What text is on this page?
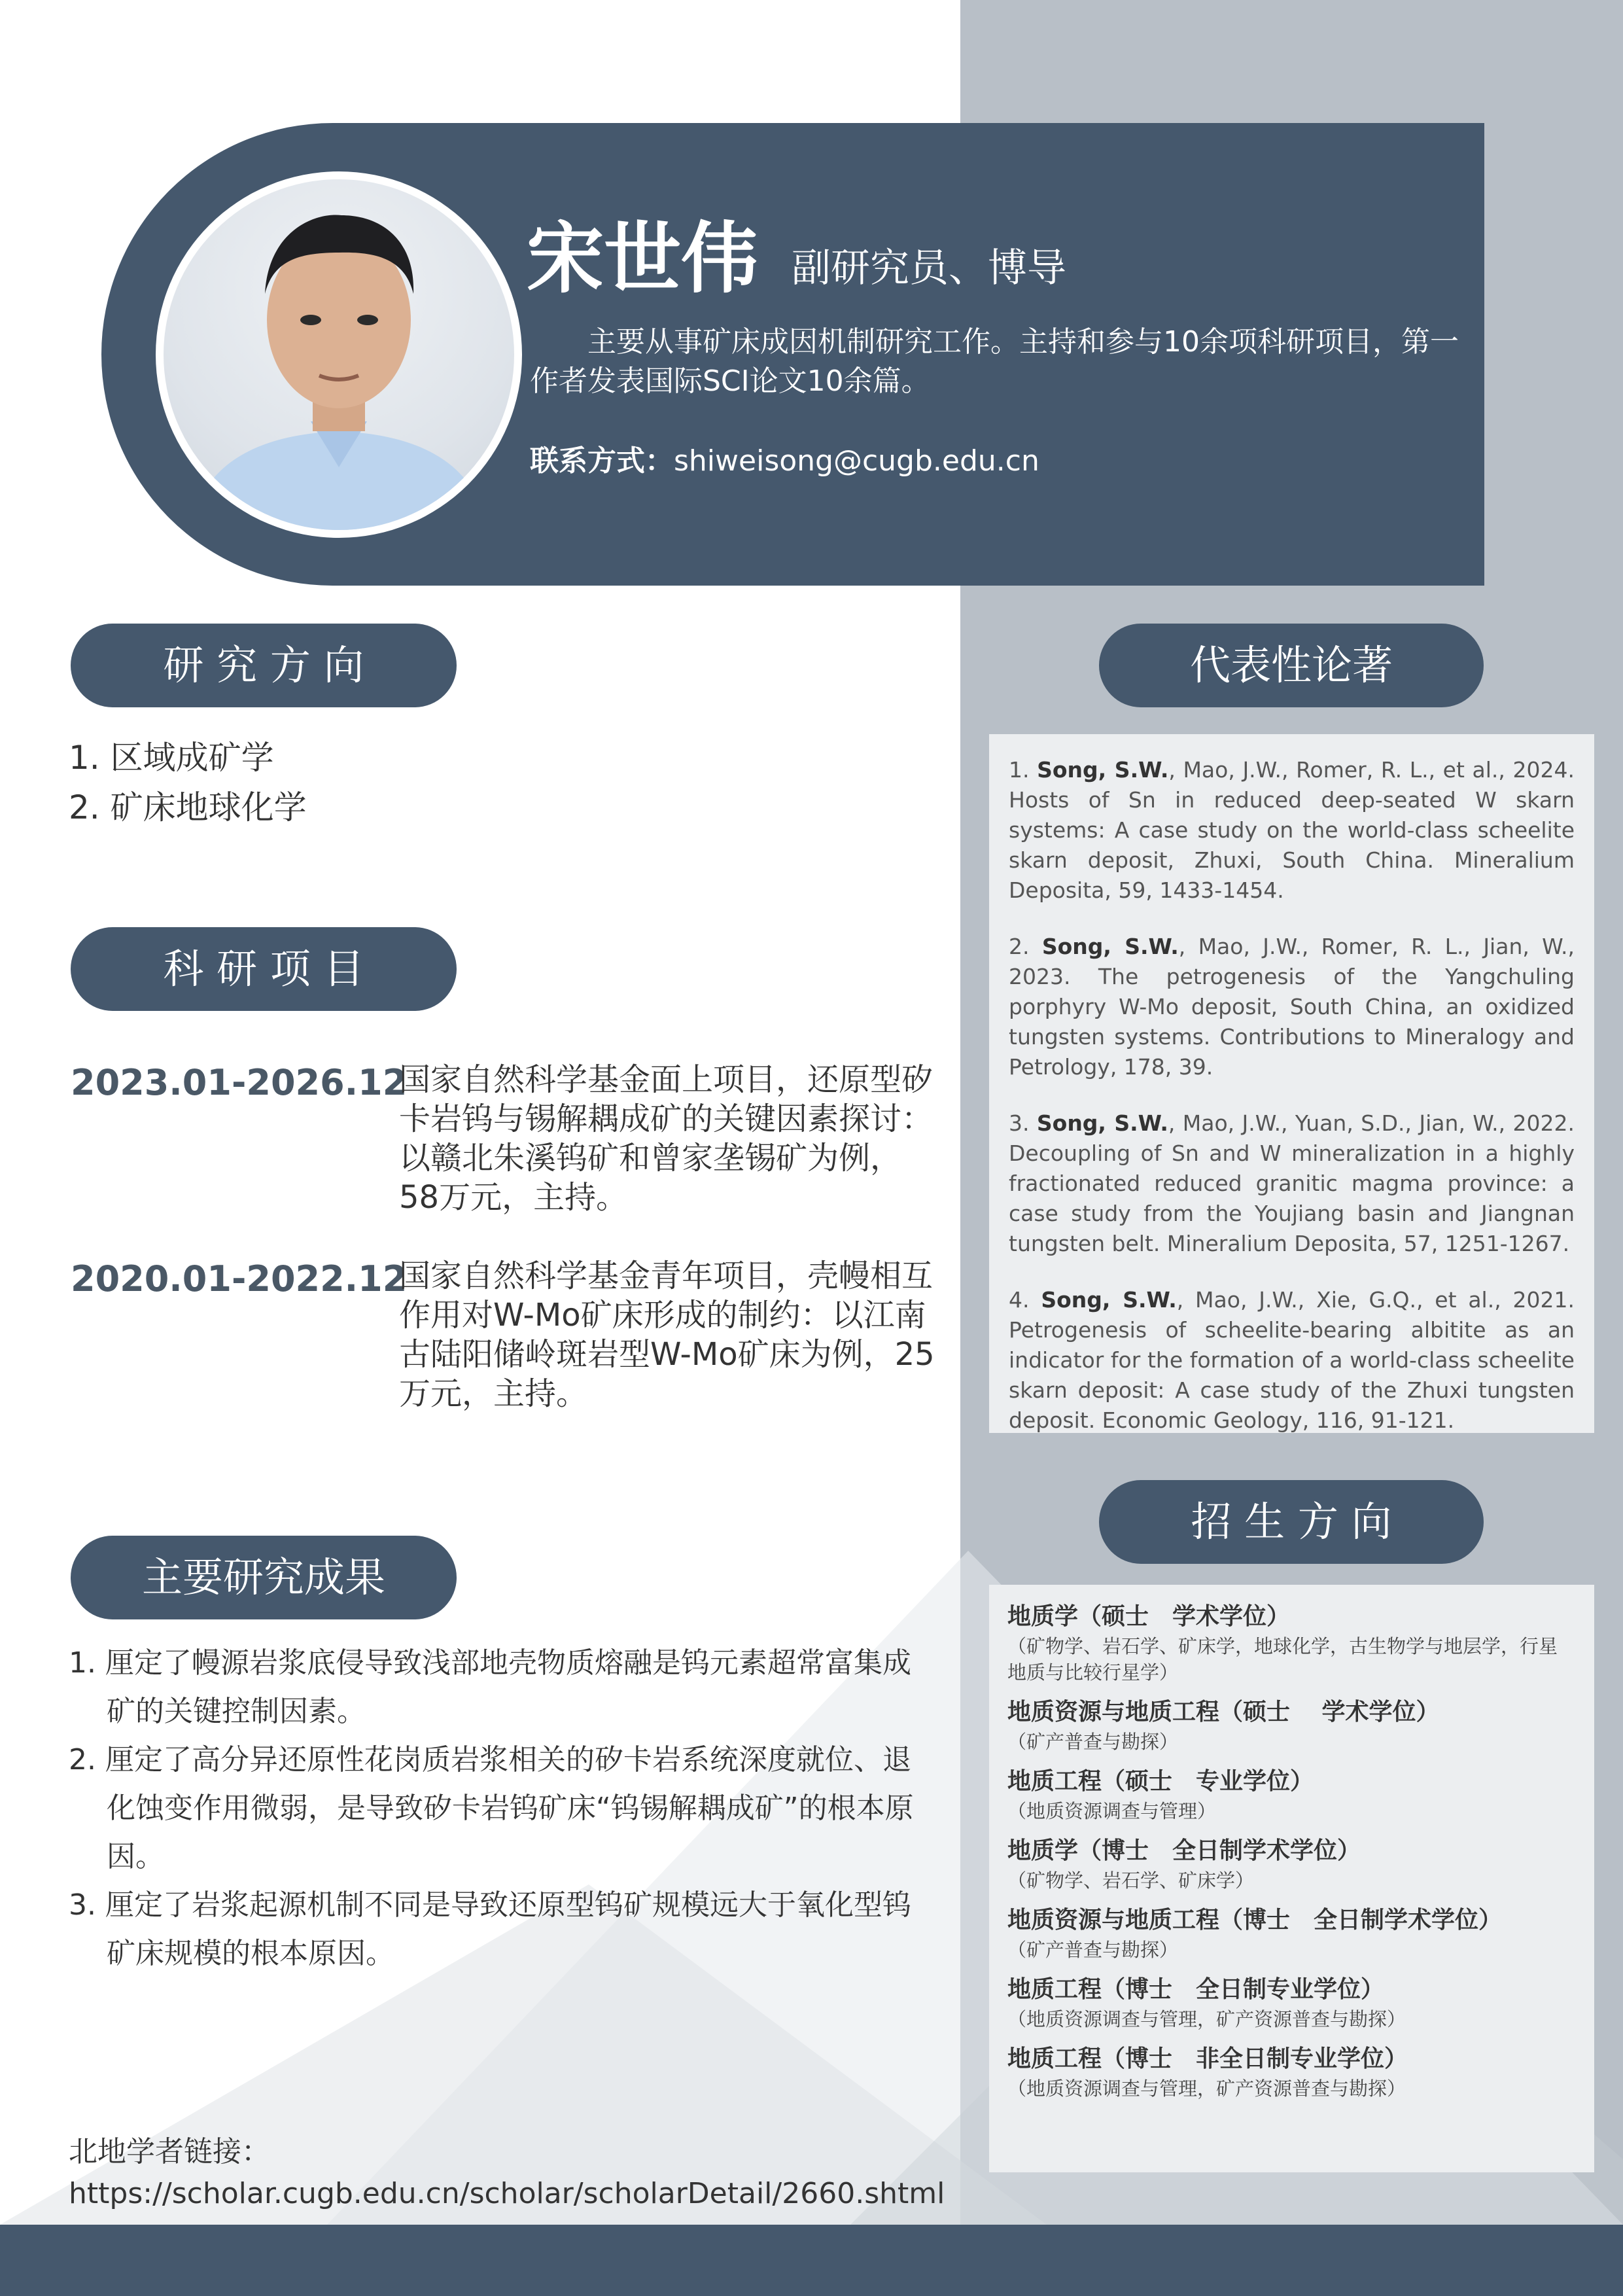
宋世伟 副研究员、博导
主要从事矿床成因机制研究工作。主持和参与10余项科研项目，第一作者发表国际SCI论文10余篇。
联系方式：shiweisong@cugb.edu.cn
研 究 方 向
1. 区域成矿学
2. 矿床地球化学
科 研 项 目
2023.01-2026.12
国家自然科学基金面上项目，还原型矽卡岩钨与锡解耦成矿的关键因素探讨：以赣北朱溪钨矿和曾家垄锡矿为例，58万元，主持。
2020.01-2022.12
国家自然科学基金青年项目，壳幔相互作用对W-Mo矿床形成的制约：以江南古陆阳储岭斑岩型W-Mo矿床为例，25万元，主持。
主要研究成果
1. 厘定了幔源岩浆底侵导致浅部地壳物质熔融是钨元素超常富集成矿的关键控制因素。
2. 厘定了高分异还原性花岗质岩浆相关的矽卡岩系统深度就位、退化蚀变作用微弱，是导致矽卡岩钨矿床“钨锡解耦成矿”的根本原因。
3. 厘定了岩浆起源机制不同是导致还原型钨矿规模远大于氧化型钨矿床规模的根本原因。
代表性论著
1. Song, S.W., Mao, J.W., Romer, R. L., et al., 2024. Hosts of Sn in reduced deep-seated W skarn systems: A case study on the world-class scheelite skarn deposit, Zhuxi, South China. Mineralium Deposita, 59, 1433-1454.
2. Song, S.W., Mao, J.W., Romer, R. L., Jian, W., 2023. The petrogenesis of the Yangchuling porphyry W-Mo deposit, South China, an oxidized tungsten systems. Contributions to Mineralogy and Petrology, 178, 39.
3. Song, S.W., Mao, J.W., Yuan, S.D., Jian, W., 2022. Decoupling of Sn and W mineralization in a highly fractionated reduced granitic magma province: a case study from the Youjiang basin and Jiangnan tungsten belt. Mineralium Deposita, 57, 1251-1267.
4. Song, S.W., Mao, J.W., Xie, G.Q., et al., 2021. Petrogenesis of scheelite-bearing albitite as an indicator for the formation of a world-class scheelite skarn deposit: A case study of the Zhuxi tungsten deposit. Economic Geology, 116, 91-121.
招 生 方 向
地质学（硕士　学术学位）
（矿物学、岩石学、矿床学，地球化学，古生物学与地层学，行星地质与比较行星学）
地质资源与地质工程（硕士　 学术学位）
（矿产普查与勘探）
地质工程（硕士　专业学位）
（地质资源调查与管理）
地质学（博士　全日制学术学位）
（矿物学、岩石学、矿床学）
地质资源与地质工程（博士　全日制学术学位）
（矿产普查与勘探）
地质工程（博士　全日制专业学位）
（地质资源调查与管理，矿产资源普查与勘探）
地质工程（博士　非全日制专业学位）
（地质资源调查与管理，矿产资源普查与勘探）
北地学者链接：
https://scholar.cugb.edu.cn/scholar/scholarDetail/2660.shtml
